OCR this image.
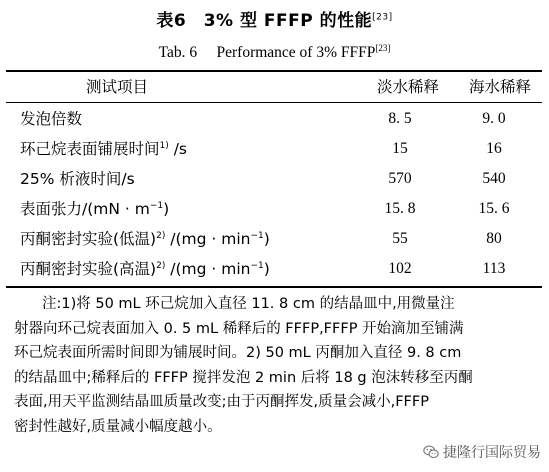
表6　3% 型 FFFP 的性能[23]
Tab. 6　 Performance of 3% FFFP[23]
测试项目	淡水稀释	海水稀释
发泡倍数	8. 5	9. 0
环己烷表面铺展时间$^{1)}$ /s	15	16
25% 析液时间/s	570	540
表面张力/(mN · m$^{-1}$)	15. 8	15. 6
丙酮密封实验(低温)$^{2)}$ /(mg · min$^{-1}$)	55	80
丙酮密封实验(高温)$^{2)}$ /(mg · min$^{-1}$)	102	113
注:1)将 50 mL 环己烷加入直径 11. 8 cm 的结晶皿中,用微量注
射器向环己烷表面加入 0. 5 mL 稀释后的 FFFP,FFFP 开始滴加至铺满
环己烷表面所需时间即为铺展时间。2) 50 mL 丙酮加入直径 9. 8 cm
的结晶皿中;稀释后的 FFFP 搅拌发泡 2 min 后将 18 g 泡沫转移至丙酮
表面,用天平监测结晶皿质量改变;由于丙酮挥发,质量会减小,FFFP
密封性越好,质量减小幅度越小。
捷隆行国际贸易
